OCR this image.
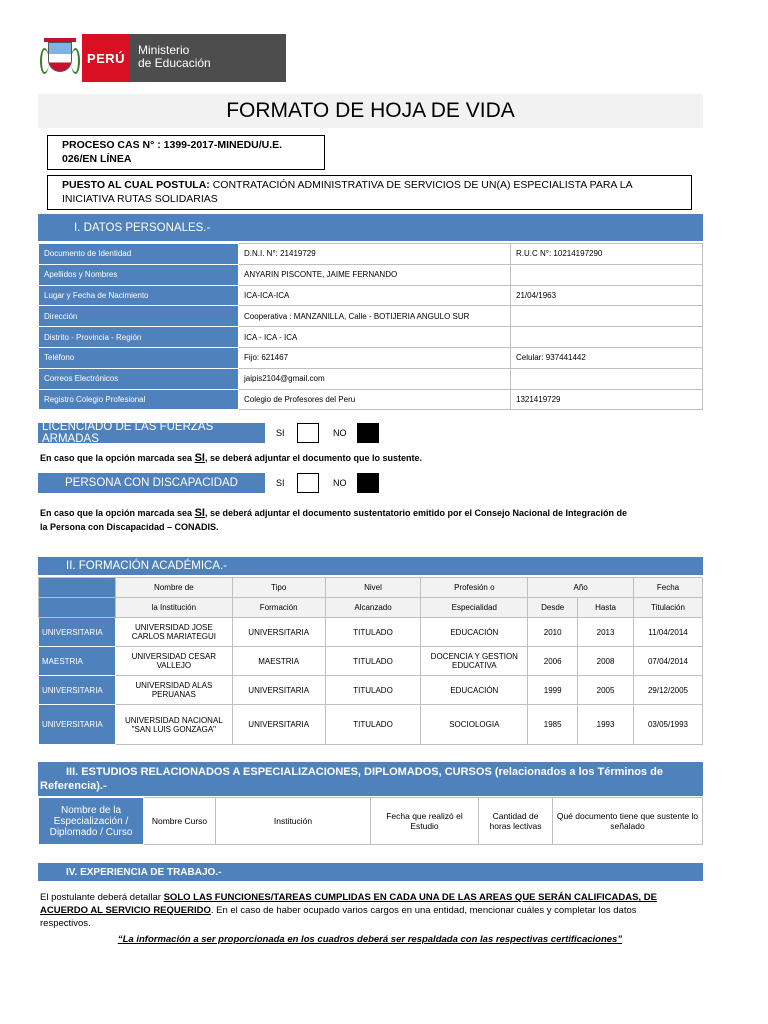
PERÚ
Ministerio
de Educación
FORMATO DE HOJA DE VIDA
PROCESO CAS N° : 1399-2017-MINEDU/U.E.
026/EN LÍNEA
PUESTO AL CUAL POSTULA: CONTRATACIÓN ADMINISTRATIVA DE SERVICIOS DE UN(A) ESPECIALISTA PARA LA
INICIATIVA RUTAS SOLIDARIAS
I. DATOS PERSONALES.-
Documento de Identidad	D.N.I. N°: 21419729	R.U.C N°: 10214197290
Apellidos y Nombres	ANYARIN PISCONTE, JAIME FERNANDO	
Lugar y Fecha de Nacimiento	ICA-ICA-ICA	21/04/1963
Dirección	Cooperativa : MANZANILLA, Calle - BOTIJERIA ANGULO SUR	
Distrito - Provincia - Región	ICA - ICA - ICA	
Teléfono	Fijo: 621467	Celular: 937441442
Correos Electrónicos	jaipis2104@gmail.com	
Registro Colegio Profesional	Colegio de Profesores del Peru	1321419729
LICENCIADO DE LAS FUERZAS ARMADAS	SI	NO
En caso que la opción marcada sea SI, se deberá adjuntar el documento que lo sustente.
PERSONA CON DISCAPACIDAD	SI	NO
En caso que la opción marcada sea SI, se deberá adjuntar el documento sustentatorio emitido por el Consejo Nacional de Integración de
la Persona con Discapacidad – CONADIS.
II. FORMACIÓN ACADÉMICA.-
	Nombre de	Tipo	Nivel	Profesión o	Año		Fecha
	la Institución	Formación	Alcanzado	Especialidad	Desde	Hasta	Titulación
UNIVERSITARIA	UNIVERSIDAD JOSE CARLOS MARIATEGUI	UNIVERSITARIA	TITULADO	EDUCACIÓN	2010	2013	11/04/2014
MAESTRIA	UNIVERSIDAD CESAR VALLEJO	MAESTRIA	TITULADO	DOCENCIA Y GESTION EDUCATIVA	2006	2008	07/04/2014
UNIVERSITARIA	UNIVERSIDAD ALAS PERUANAS	UNIVERSITARIA	TITULADO	EDUCACIÓN	1999	2005	29/12/2005
UNIVERSITARIA	UNIVERSIDAD NACIONAL "SAN LUIS GONZAGA"	UNIVERSITARIA	TITULADO	SOCIOLOGIA	1985	1993	03/05/1993
III. ESTUDIOS RELACIONADOS A ESPECIALIZACIONES, DIPLOMADOS, CURSOS (relacionados a los Términos de
Referencia).-
Nombre de la Especialización / Diplomado / Curso	Nombre Curso	Institución	Fecha que realizó el Estudio	Cantidad de horas lectivas	Qué documento tiene que sustente lo señalado
IV. EXPERIENCIA DE TRABAJO.-
El postulante deberá detallar SOLO LAS FUNCIONES/TAREAS CUMPLIDAS EN CADA UNA DE LAS AREAS QUE SERÁN CALIFICADAS, DE
ACUERDO AL SERVICIO REQUERIDO. En el caso de haber ocupado varios cargos en una entidad, mencionar cuáles y completar los datos
respectivos.
“La información a ser proporcionada en los cuadros deberá ser respaldada con las respectivas certificaciones”
